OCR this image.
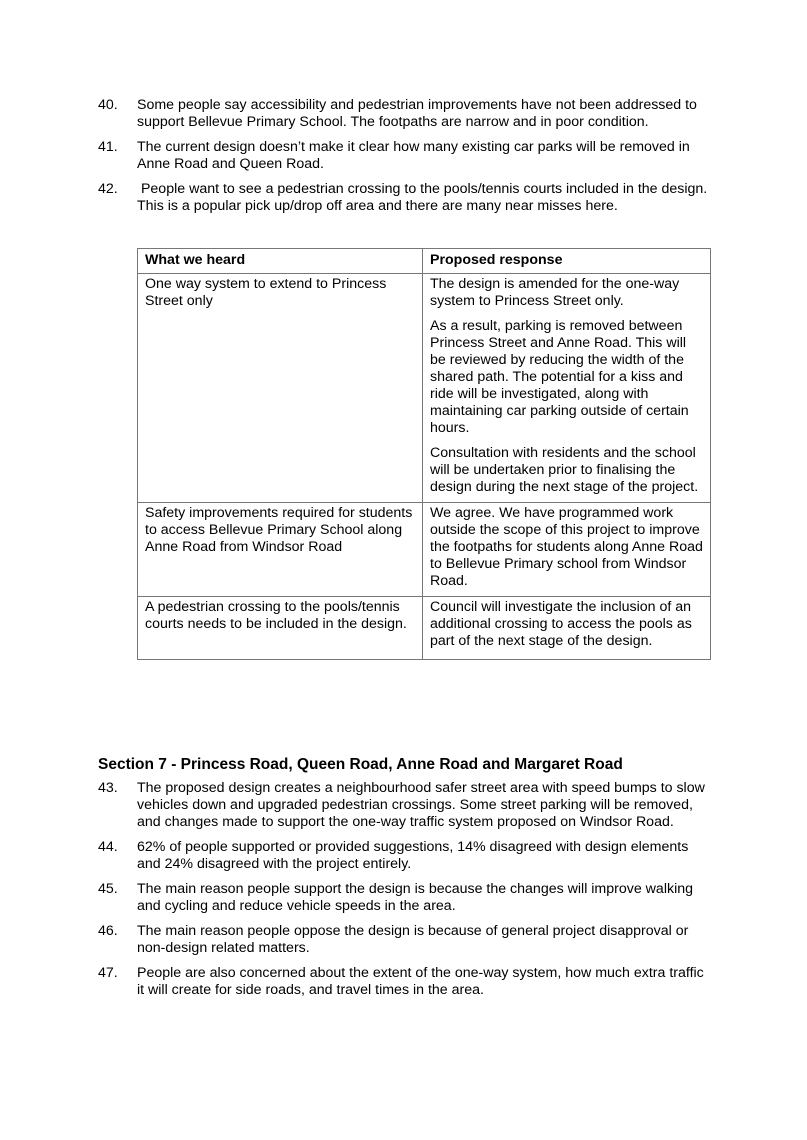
40.	Some people say accessibility and pedestrian improvements have not been addressed to support Bellevue Primary School. The footpaths are narrow and in poor condition.
41.	The current design doesn’t make it clear how many existing car parks will be removed in Anne Road and Queen Road.
42.	People want to see a pedestrian crossing to the pools/tennis courts included in the design. This is a popular pick up/drop off area and there are many near misses here.
What we heard	Proposed response
One way system to extend to Princess Street only	The design is amended for the one-way system to Princess Street only.

As a result, parking is removed between Princess Street and Anne Road. This will be reviewed by reducing the width of the shared path. The potential for a kiss and ride will be investigated, along with maintaining car parking outside of certain hours.

Consultation with residents and the school will be undertaken prior to finalising the design during the next stage of the project.

Safety improvements required for students to access Bellevue Primary School along Anne Road from Windsor Road	We agree. We have programmed work outside the scope of this project to improve the footpaths for students along Anne Road to Bellevue Primary school from Windsor Road.

A pedestrian crossing to the pools/tennis courts needs to be included in the design.	Council will investigate the inclusion of an additional crossing to access the pools as part of the next stage of the design.

Section 7 - Princess Road, Queen Road, Anne Road and Margaret Road
43.	The proposed design creates a neighbourhood safer street area with speed bumps to slow vehicles down and upgraded pedestrian crossings. Some street parking will be removed, and changes made to support the one-way traffic system proposed on Windsor Road.
44.	62% of people supported or provided suggestions, 14% disagreed with design elements and 24% disagreed with the project entirely.
45.	The main reason people support the design is because the changes will improve walking and cycling and reduce vehicle speeds in the area.
46.	The main reason people oppose the design is because of general project disapproval or non-design related matters.
47.	People are also concerned about the extent of the one-way system, how much extra traffic it will create for side roads, and travel times in the area.
